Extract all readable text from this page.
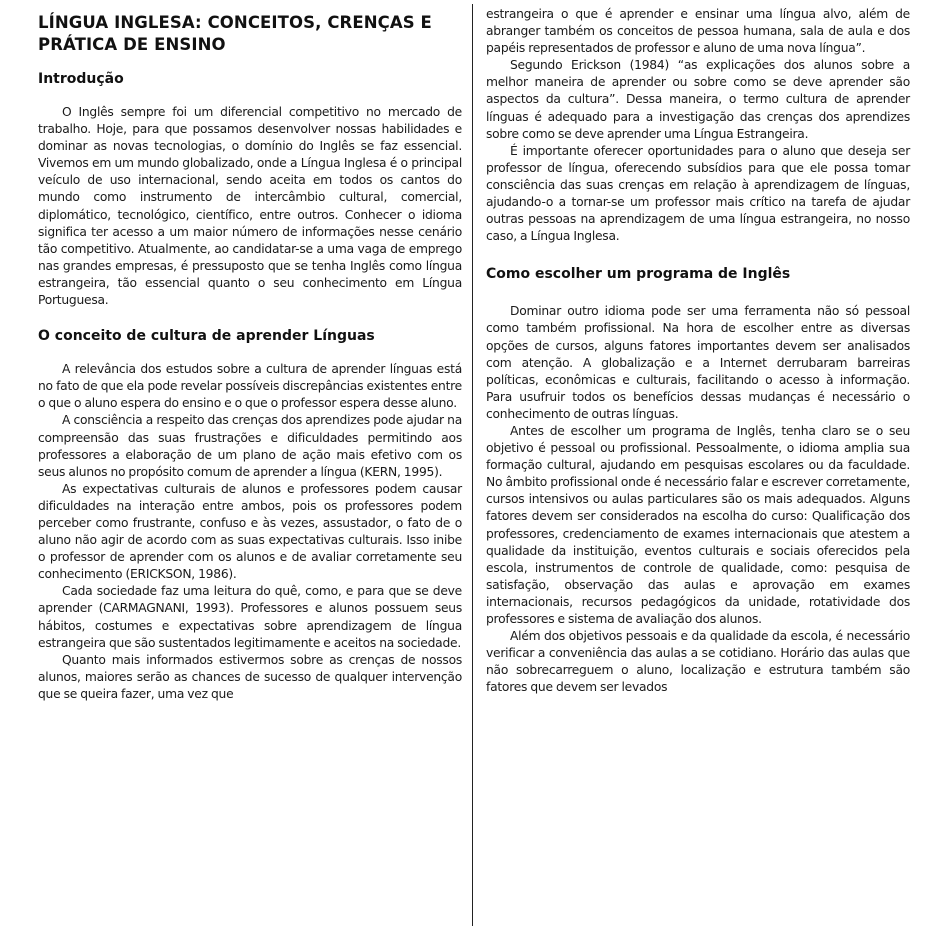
LÍNGUA INGLESA: CONCEITOS, CRENÇAS E PRÁTICA DE ENSINO
Introdução

O Inglês sempre foi um diferencial competitivo no mercado de trabalho. Hoje, para que possamos desenvolver nossas habilidades e dominar as novas tecnologias, o domínio do Inglês se faz essencial. Vivemos em um mundo globalizado, onde a Língua Inglesa é o principal veículo de uso internacional, sendo aceita em todos os cantos do mundo como instrumento de intercâmbio cultural, comercial, diplomático, tecnológico, científico, entre outros. Conhecer o idioma significa ter acesso a um maior número de informações nesse cenário tão competitivo. Atualmente, ao candidatar-se a uma vaga de emprego nas grandes empresas, é pressuposto que se tenha Inglês como língua estrangeira, tão essencial quanto o seu conhecimento em Língua Portuguesa.

O conceito de cultura de aprender Línguas

A relevância dos estudos sobre a cultura de aprender línguas está no fato de que ela pode revelar possíveis discrepâncias existentes entre o que o aluno espera do ensino e o que o professor espera desse aluno.

A consciência a respeito das crenças dos aprendizes pode ajudar na compreensão das suas frustrações e dificuldades permitindo aos professores a elaboração de um plano de ação mais efetivo com os seus alunos no propósito comum de aprender a língua (KERN, 1995).

As expectativas culturais de alunos e professores podem causar dificuldades na interação entre ambos, pois os professores podem perceber como frustrante, confuso e às vezes, assustador, o fato de o aluno não agir de acordo com as suas expectativas culturais. Isso inibe o professor de aprender com os alunos e de avaliar corretamente seu conhecimento (ERICKSON, 1986).

Cada sociedade faz uma leitura do quê, como, e para que se deve aprender (CARMAGNANI, 1993). Professores e alunos possuem seus hábitos, costumes e expectativas sobre aprendizagem de língua estrangeira que são sustentados legitimamente e aceitos na sociedade.

Quanto mais informados estivermos sobre as crenças de nossos alunos, maiores serão as chances de sucesso de qualquer intervenção que se queira fazer, uma vez que

estrangeira o que é aprender e ensinar uma língua alvo, além de abranger também os conceitos de pessoa humana, sala de aula e dos papéis representados de professor e aluno de uma nova língua”.

Segundo Erickson (1984) “as explicações dos alunos sobre a melhor maneira de aprender ou sobre como se deve aprender são aspectos da cultura”. Dessa maneira, o termo cultura de aprender línguas é adequado para a investigação das crenças dos aprendizes sobre como se deve aprender uma Língua Estrangeira.

É importante oferecer oportunidades para o aluno que deseja ser professor de língua, oferecendo subsídios para que ele possa tomar consciência das suas crenças em relação à aprendizagem de línguas, ajudando-o a tornar-se um professor mais crítico na tarefa de ajudar outras pessoas na aprendizagem de uma língua estrangeira, no nosso caso, a Língua Inglesa.

Como escolher um programa de Inglês

Dominar outro idioma pode ser uma ferramenta não só pessoal como também profissional. Na hora de escolher entre as diversas opções de cursos, alguns fatores importantes devem ser analisados com atenção. A globalização e a Internet derrubaram barreiras políticas, econômicas e culturais, facilitando o acesso à informação. Para usufruir todos os benefícios dessas mudanças é necessário o conhecimento de outras línguas.

Antes de escolher um programa de Inglês, tenha claro se o seu objetivo é pessoal ou profissional. Pessoalmente, o idioma amplia sua formação cultural, ajudando em pesquisas escolares ou da faculdade. No âmbito profissional onde é necessário falar e escrever corretamente, cursos intensivos ou aulas particulares são os mais adequados. Alguns fatores devem ser considerados na escolha do curso: Qualificação dos professores, credenciamento de exames internacionais que atestem a qualidade da instituição, eventos culturais e sociais oferecidos pela escola, instrumentos de controle de qualidade, como: pesquisa de satisfação, observação das aulas e aprovação em exames internacionais, recursos pedagógicos da unidade, rotatividade dos professores e sistema de avaliação dos alunos.

Além dos objetivos pessoais e da qualidade da escola, é necessário verificar a conveniência das aulas a se cotidiano. Horário das aulas que não sobrecarreguem o aluno, localização e estrutura também são fatores que devem ser levados
